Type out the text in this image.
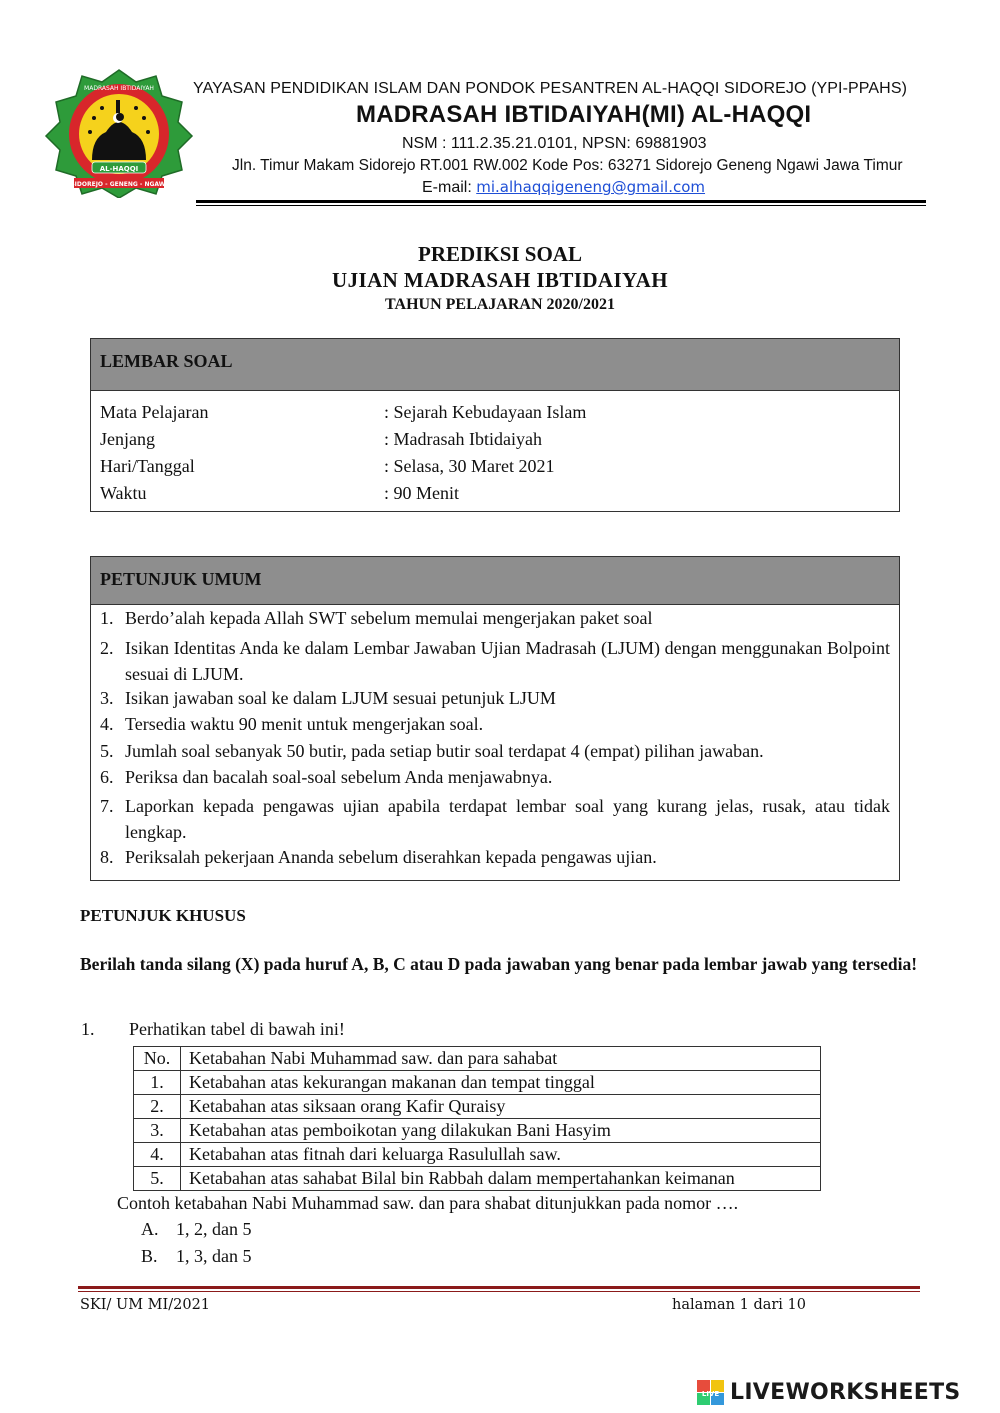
AL-HAQQI
MADRASAH IBTIDAIYAH
SIDOREJO - GENENG - NGAWI
YAYASAN PENDIDIKAN ISLAM DAN PONDOK PESANTREN AL-HAQQI SIDOREJO (YPI-PPAHS)
MADRASAH IBTIDAIYAH(MI) AL-HAQQI
NSM : 111.2.35.21.0101, NPSN: 69881903
Jln. Timur Makam Sidorejo RT.001 RW.002 Kode Pos: 63271 Sidorejo Geneng Ngawi Jawa Timur
E-mail: mi.alhaqqigeneng@gmail.com
PREDIKSI SOAL
UJIAN MADRASAH IBTIDAIYAH
TAHUN PELAJARAN 2020/2021
LEMBAR SOAL
Mata Pelajaran	: Sejarah Kebudayaan Islam
Jenjang	: Madrasah Ibtidaiyah
Hari/Tanggal	: Selasa, 30 Maret 2021
Waktu	: 90 Menit
PETUNJUK UMUM
1. Berdo’alah kepada Allah SWT sebelum memulai mengerjakan paket soal
2. Isikan Identitas Anda ke dalam Lembar Jawaban Ujian Madrasah (LJUM) dengan menggunakan Bolpoint sesuai di LJUM.
3. Isikan jawaban soal ke dalam LJUM sesuai petunjuk LJUM
4. Tersedia waktu 90 menit untuk mengerjakan soal.
5. Jumlah soal sebanyak 50 butir, pada setiap butir soal terdapat 4 (empat) pilihan jawaban.
6. Periksa dan bacalah soal-soal sebelum Anda menjawabnya.
7. Laporkan kepada pengawas ujian apabila terdapat lembar soal yang kurang jelas, rusak, atau tidak lengkap.
8. Periksalah pekerjaan Ananda sebelum diserahkan kepada pengawas ujian.
PETUNJUK KHUSUS
Berilah tanda silang (X) pada huruf A, B, C atau D pada jawaban yang benar pada lembar jawab yang tersedia!
1. Perhatikan tabel di bawah ini!
No.	Ketabahan Nabi Muhammad saw. dan para sahabat
1.	Ketabahan atas kekurangan makanan dan tempat tinggal
2.	Ketabahan atas siksaan orang Kafir Quraisy
3.	Ketabahan atas pemboikotan yang dilakukan Bani Hasyim
4.	Ketabahan atas fitnah dari keluarga Rasulullah saw.
5.	Ketabahan atas sahabat Bilal bin Rabbah dalam mempertahankan keimanan
Contoh ketabahan Nabi Muhammad saw. dan para shabat ditunjukkan pada nomor ….
A. 1, 2, dan 5
B. 1, 3, dan 5
SKI/ UM MI/2021	halaman 1 dari 10
LIVE LIVEWORKSHEETS
